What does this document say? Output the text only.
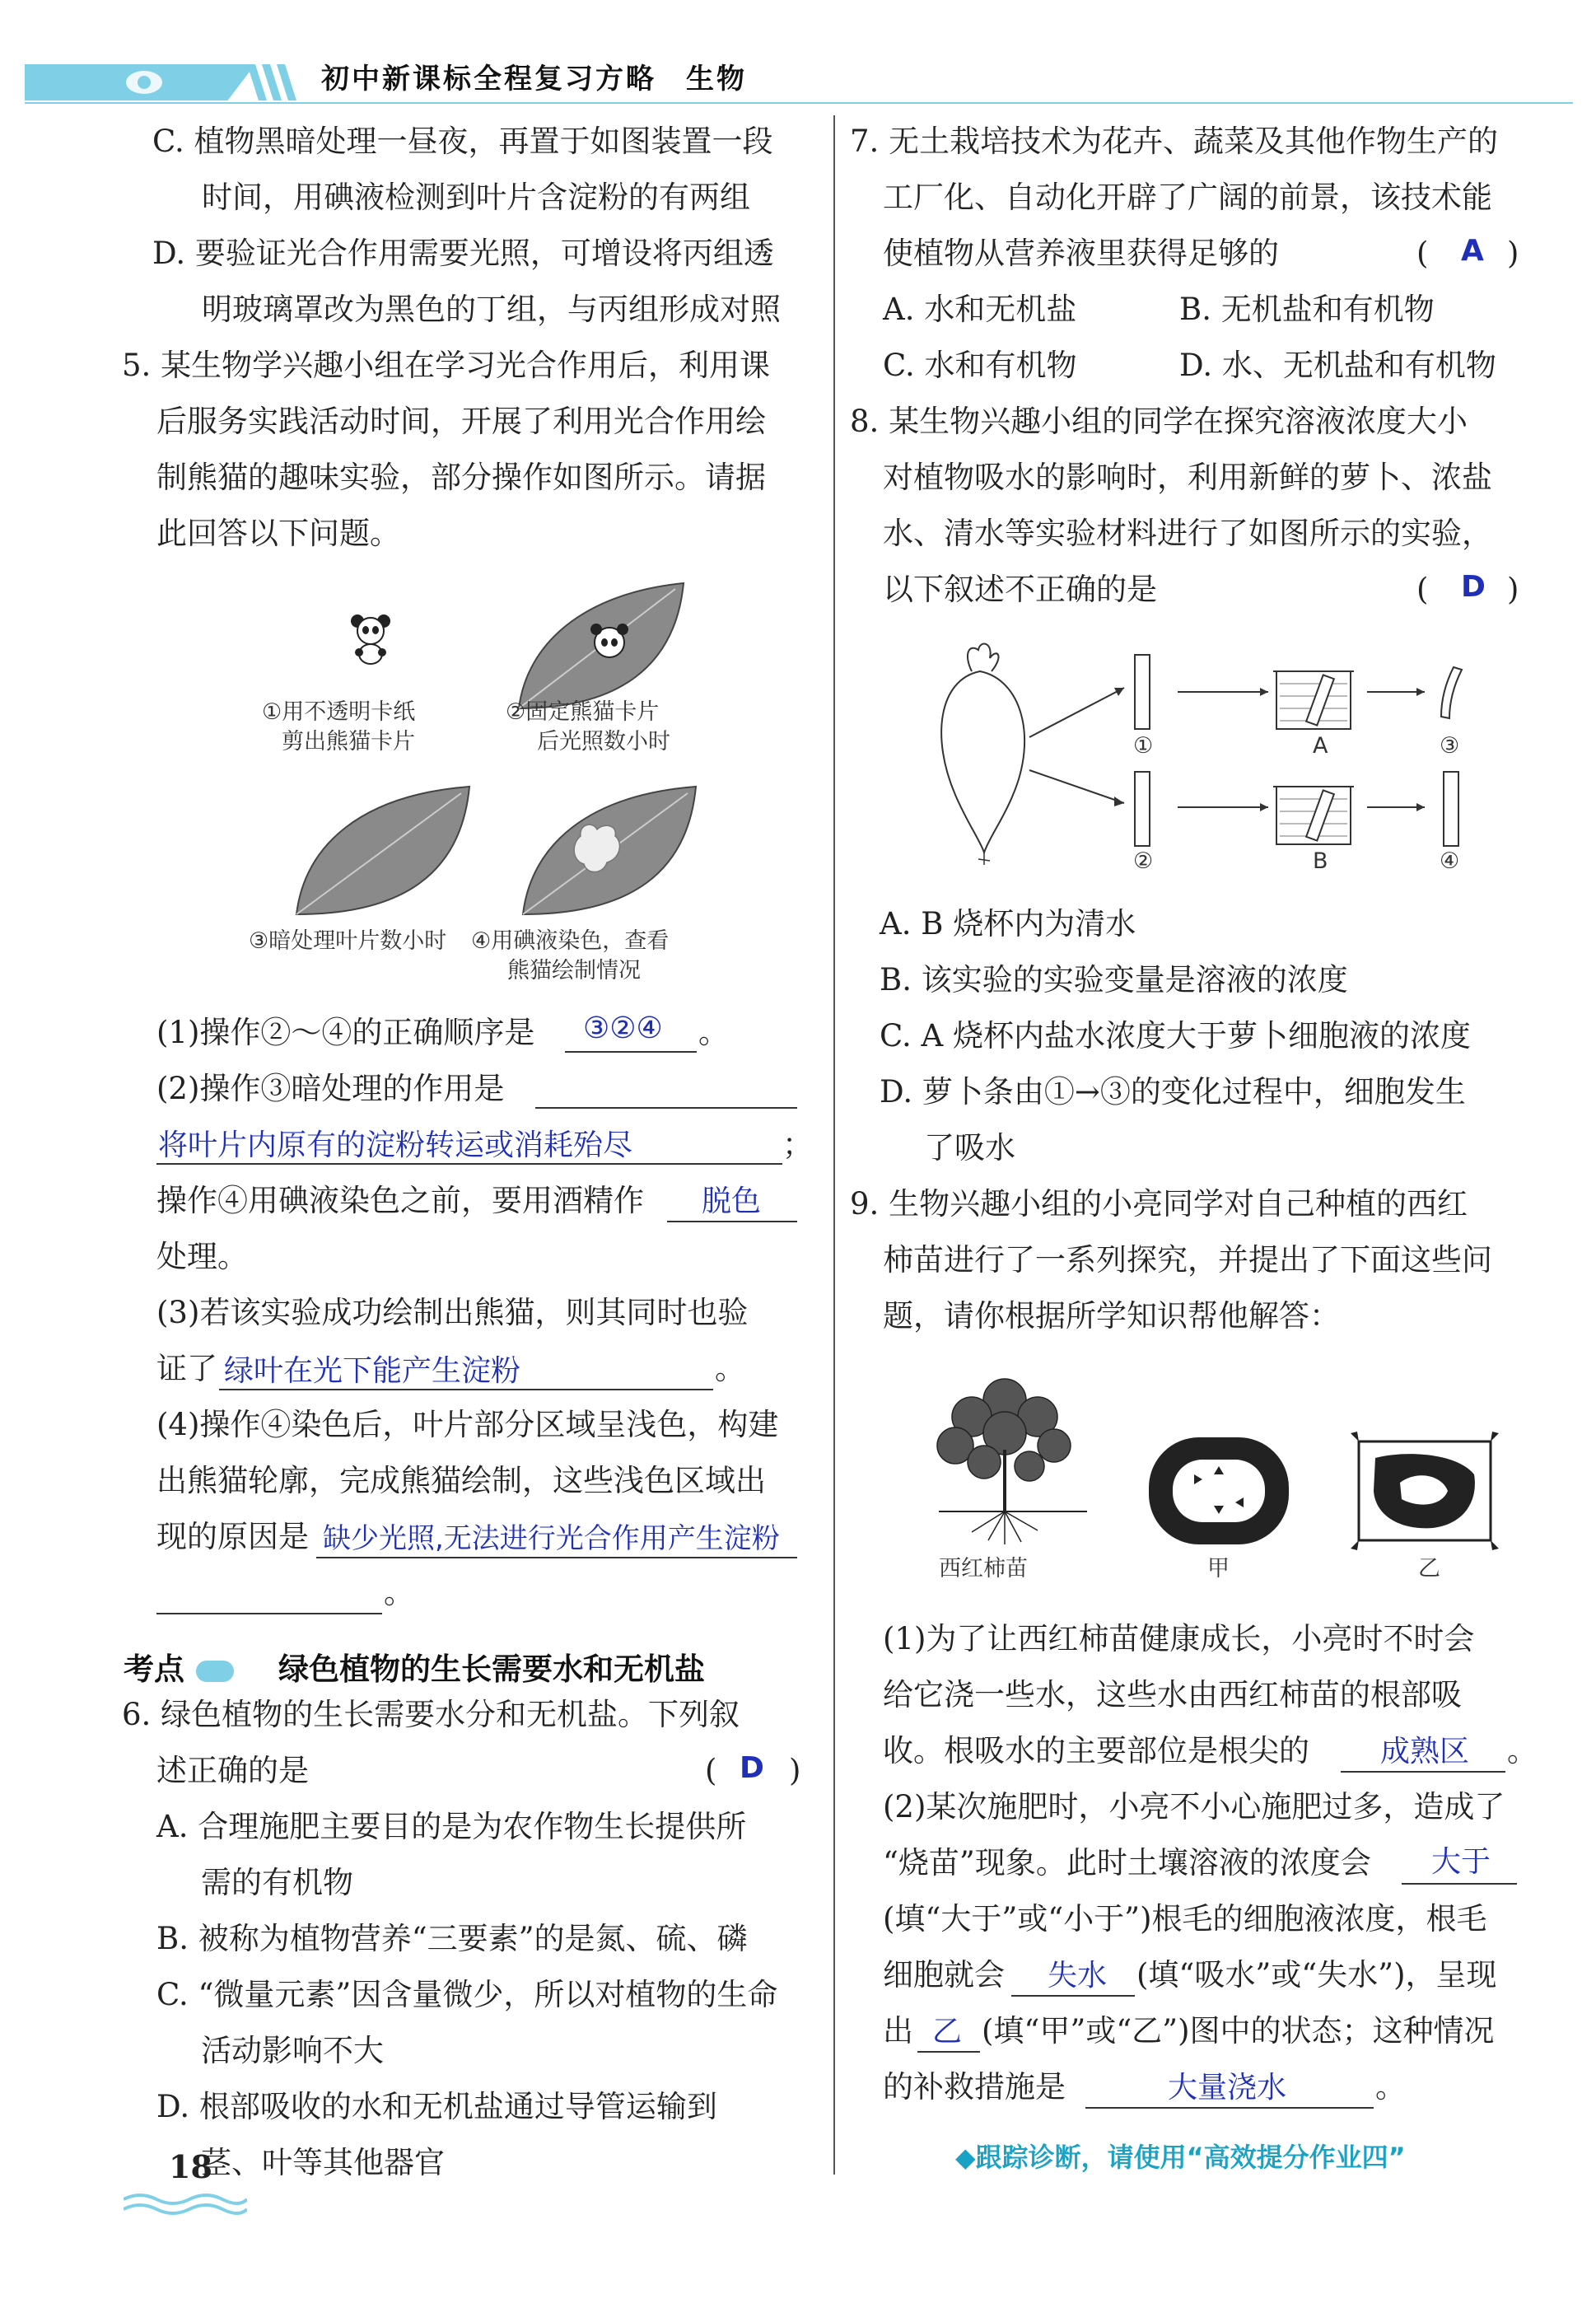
初中新课标全程复习方略 生物
C. 植物黑暗处理一昼夜，再置于如图装置一段
时间，用碘液检测到叶片含淀粉的有两组
D. 要验证光合作用需要光照，可增设将丙组透
明玻璃罩改为黑色的丁组，与丙组形成对照
5. 某生物学兴趣小组在学习光合作用后，利用课
后服务实践活动时间，开展了利用光合作用绘
制熊猫的趣味实验，部分操作如图所示。请据
此回答以下问题。
①用不透明卡纸
剪出熊猫卡片
②固定熊猫卡片
后光照数小时
③暗处理叶片数小时 ④用碘液染色，查看
熊猫绘制情况
(1)操作②～④的正确顺序是 ③②④ 。
(2)操作③暗处理的作用是
将叶片内原有的淀粉转运或消耗殆尽	；
操作④用碘液染色之前，要用酒精作 脱色
处理。
(3)若该实验成功绘制出熊猫，则其同时也验
证了 绿叶在光下能产生淀粉	。
(4)操作④染色后，叶片部分区域呈浅色，构建
出熊猫轮廓，完成熊猫绘制，这些浅色区域出
现的原因是 缺少光照,无法进行光合作用产生淀粉
。
考点	绿色植物的生长需要水和无机盐
6. 绿色植物的生长需要水分和无机盐。下列叙
述正确的是	( D )
A. 合理施肥主要目的是为农作物生长提供所
需的有机物
B. 被称为植物营养“三要素”的是氮、硫、磷
C. “微量元素”因含量微少，所以对植物的生命
活动影响不大
D. 根部吸收的水和无机盐通过导管运输到
茎、叶等其他器官
18
7. 无土栽培技术为花卉、蔬菜及其他作物生产的
工厂化、自动化开辟了广阔的前景，该技术能
使植物从营养液里获得足够的	( A )
A. 水和无机盐	B. 无机盐和有机物
C. 水和有机物	D. 水、无机盐和有机物
8. 某生物兴趣小组的同学在探究溶液浓度大小
对植物吸水的影响时，利用新鲜的萝卜、浓盐
水、清水等实验材料进行了如图所示的实验，
以下叙述不正确的是	( D )
①
②
③
④
A
B
A. B 烧杯内为清水
B. 该实验的实验变量是溶液的浓度
C. A 烧杯内盐水浓度大于萝卜细胞液的浓度
D. 萝卜条由①→③的变化过程中，细胞发生
了吸水
9. 生物兴趣小组的小亮同学对自己种植的西红
柿苗进行了一系列探究，并提出了下面这些问
题，请你根据所学知识帮他解答：
西红柿苗	甲	乙
(1)为了让西红柿苗健康成长，小亮时不时会
给它浇一些水，这些水由西红柿苗的根部吸
收。根吸水的主要部位是根尖的 成熟区 。
(2)某次施肥时，小亮不小心施肥过多，造成了
“烧苗”现象。此时土壤溶液的浓度会 大于
(填“大于”或“小于”)根毛的细胞液浓度，根毛
细胞就会 失水 (填“吸水”或“失水”)，呈现
出 乙 (填“甲”或“乙”)图中的状态；这种情况
的补救措施是	大量浇水	。
◆跟踪诊断，请使用“高效提分作业四”
